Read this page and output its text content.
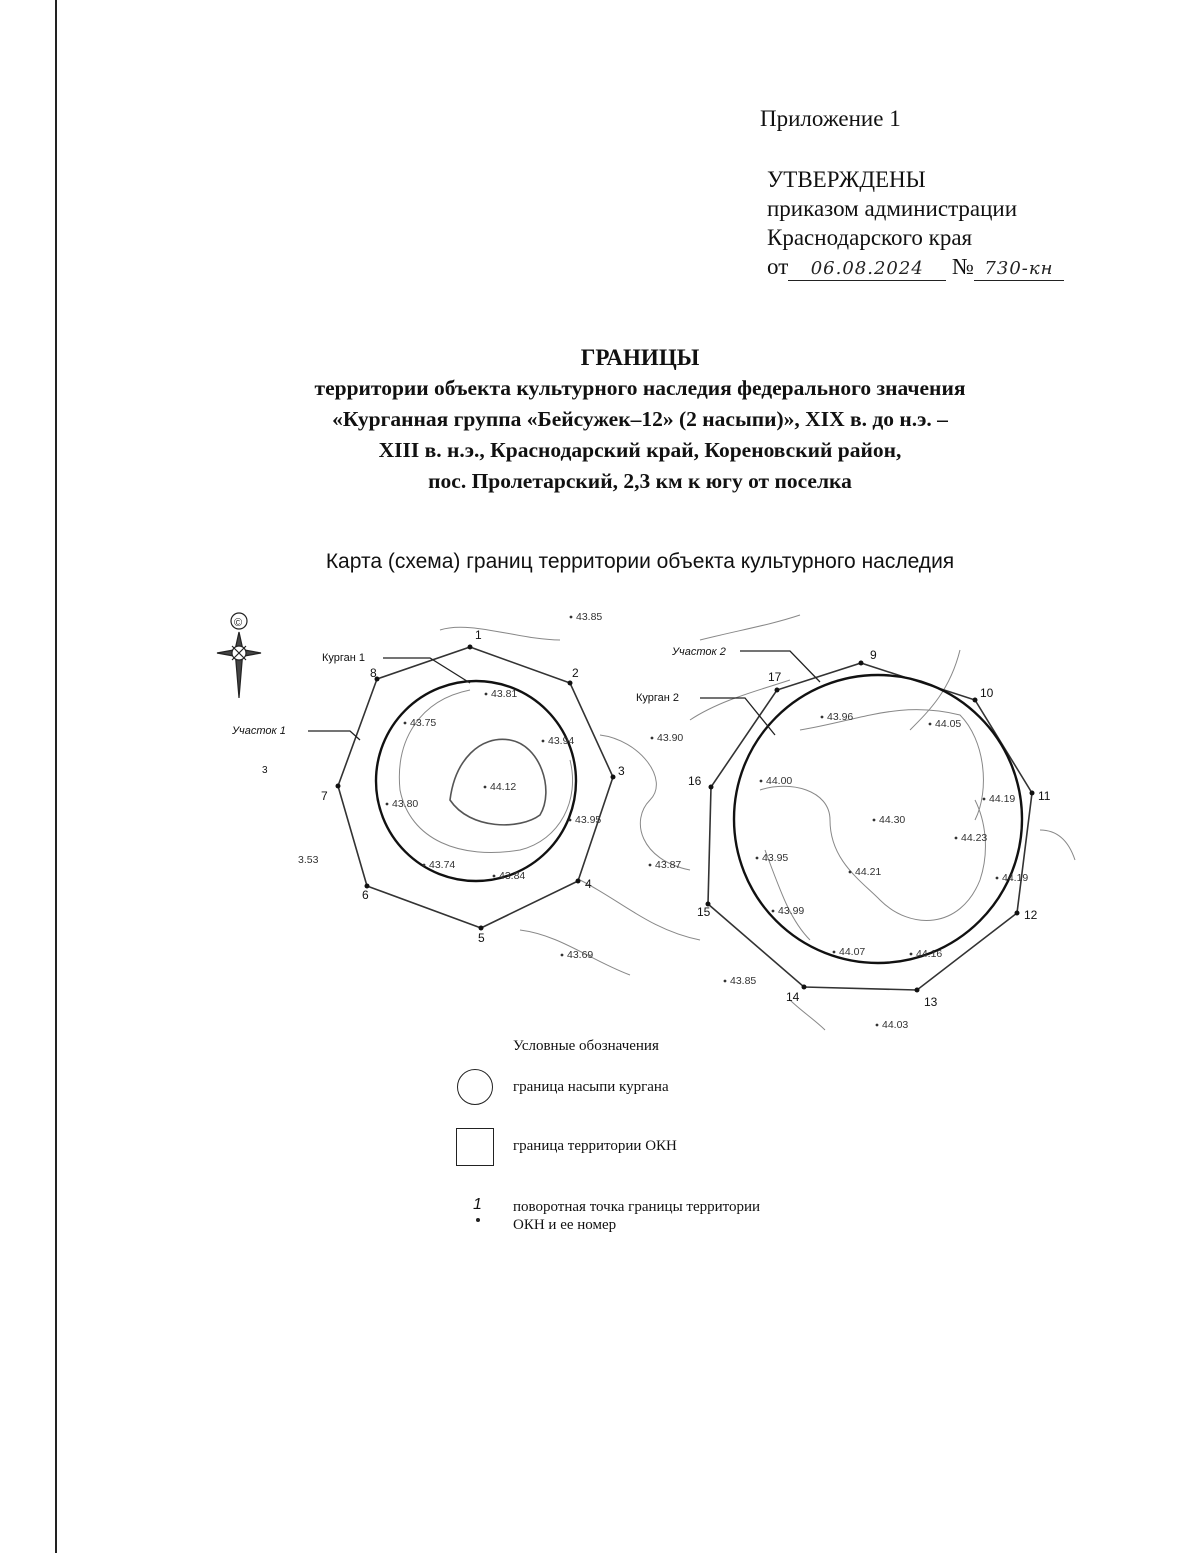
Приложение 1
УТВЕРЖДЕНЫ
приказом администрации
Краснодарского края
от 06.08.2024 № 730-кн
ГРАНИЦЫ
территории объекта культурного наследия федерального значения
«Курганная группа «Бейсужек–12» (2 насыпи)», XIX в. до н.э. –
XIII в. н.э., Краснодарский край, Кореновский район,
пос. Пролетарский, 2,3 км к югу от поселка
Карта (схема) границ территории объекта культурного наследия
1
2
3
4
5
6
7
8
9
10
11
12
13
14
15
16
17
Курган 1
Курган 2
Участок 1
Участок 2
3
43.85
43.81
43.75
43.94	43.90
44.12
43.80
43.95
43.74
43.84
43.87
43.69
3.53
43.96
44.05
44.00
44.19
44.30
44.23
43.95
44.21	44.19
43.99
44.07	44.16
43.85
44.03
©
Условные обозначения
граница насыпи кургана
граница территории ОКН
1 поворотная точка границы территории
ОКН и ее номер
